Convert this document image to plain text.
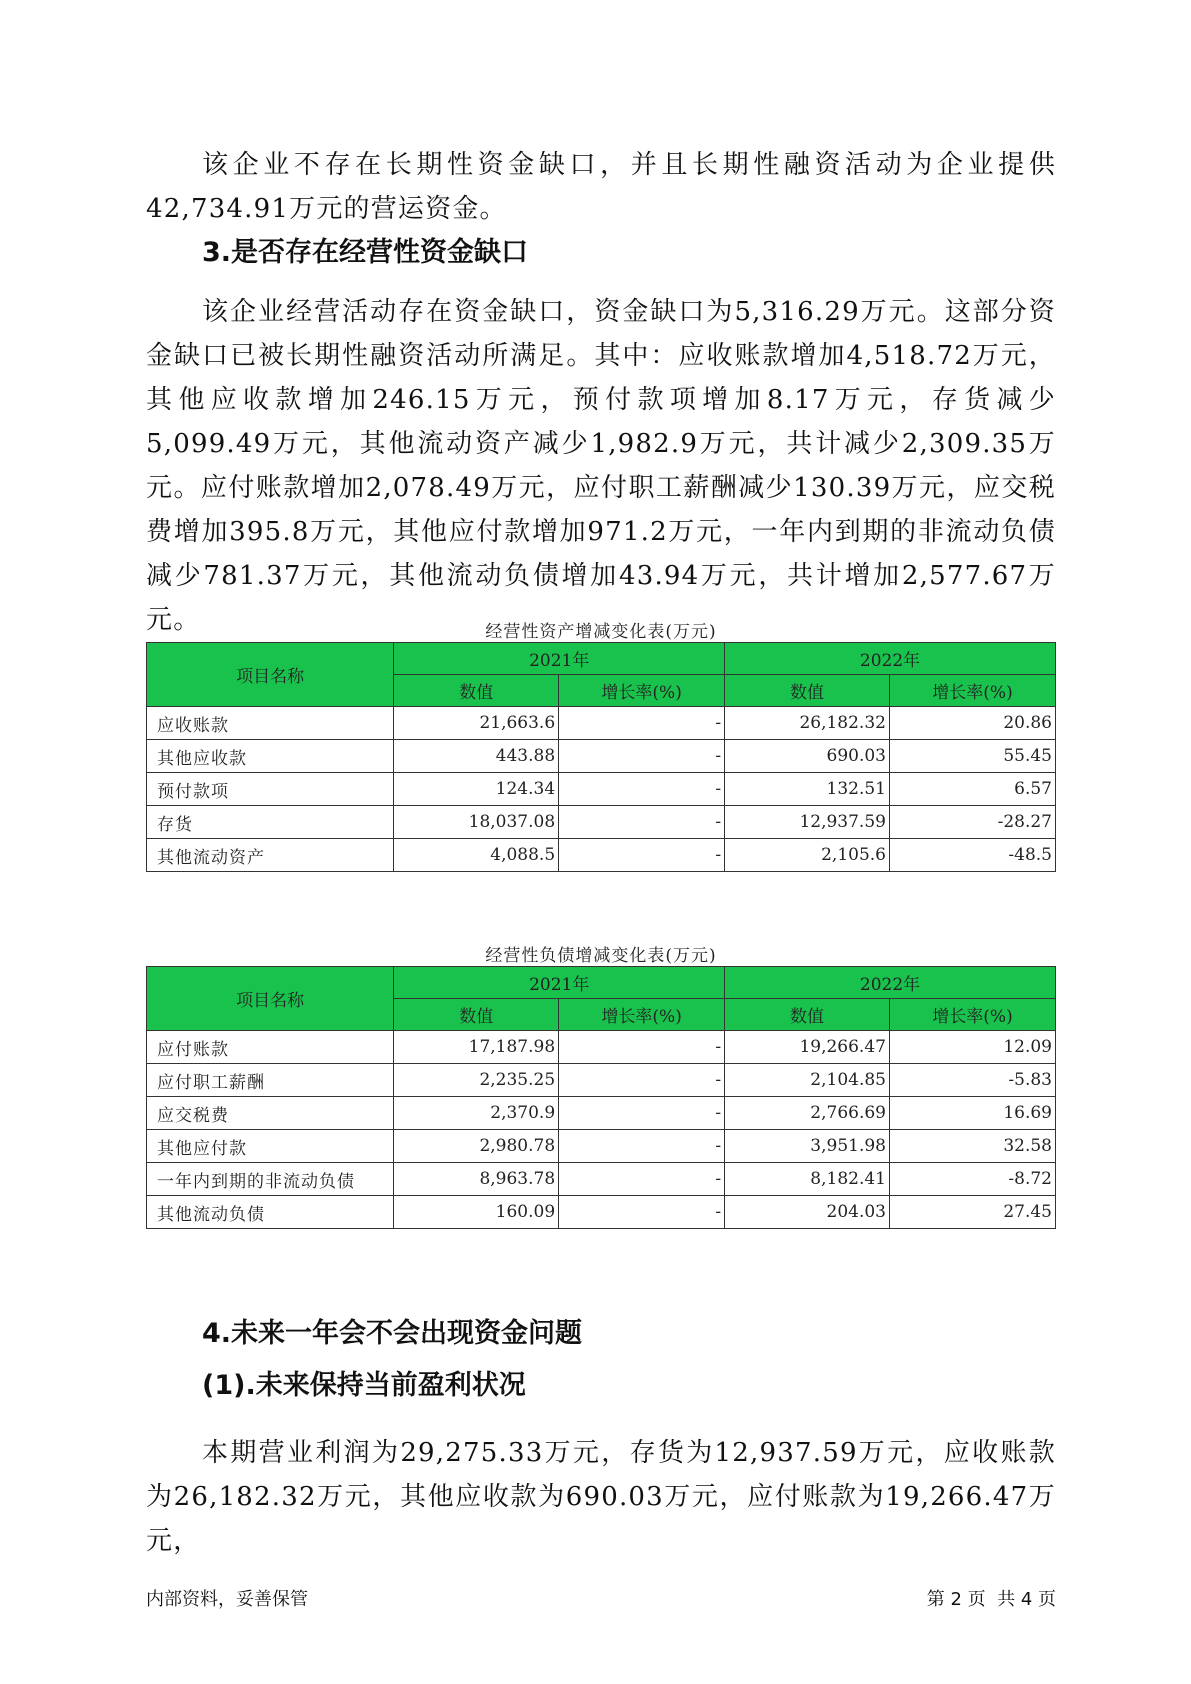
该企业不存在长期性资金缺口，并且长期性融资活动为企业提供42,734.91万元的营运资金。

3.是否存在经营性资金缺口

该企业经营活动存在资金缺口，资金缺口为5,316.29万元。这部分资金缺口已被长期性融资活动所满足。其中：应收账款增加4,518.72万元，其他应收款增加246.15万元，预付款项增加8.17万元，存货减少5,099.49万元，其他流动资产减少1,982.9万元，共计减少2,309.35万元。应付账款增加2,078.49万元，应付职工薪酬减少130.39万元，应交税费增加395.8万元，其他应付款增加971.2万元，一年内到期的非流动负债减少781.37万元，其他流动负债增加43.94万元，共计增加2,577.67万元。	经营性资产增减变化表(万元)
项目名称	2021年		2022年	
	数值	增长率(%)	数值	增长率(%)
应收账款	21,663.6	-	26,182.32	20.86
其他应收款	443.88	-	690.03	55.45
预付款项	124.34	-	132.51	6.57
存货	18,037.08	-	12,937.59	-28.27
其他流动资产	4,088.5	-	2,105.6	-48.5
经营性负债增减变化表(万元)
项目名称	2021年		2022年	
	数值	增长率(%)	数值	增长率(%)
应付账款	17,187.98	-	19,266.47	12.09
应付职工薪酬	2,235.25	-	2,104.85	-5.83
应交税费	2,370.9	-	2,766.69	16.69
其他应付款	2,980.78	-	3,951.98	32.58
一年内到期的非流动负债	8,963.78	-	8,182.41	-8.72
其他流动负债	160.09	-	204.03	27.45
4.未来一年会不会出现资金问题
(1).未来保持当前盈利状况

本期营业利润为29,275.33万元，存货为12,937.59万元，应收账款为26,182.32万元，其他应收款为690.03万元，应付账款为19,266.47万元，

内部资料，妥善保管	第 2 页  共 4 页
